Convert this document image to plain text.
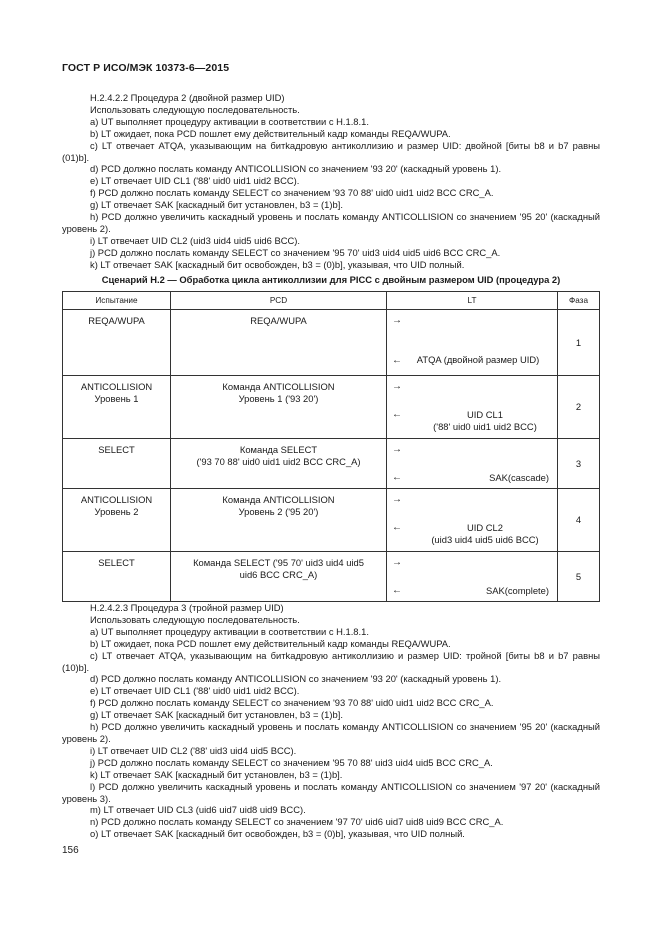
ГОСТ Р ИСО/МЭК 10373-6—2015

H.2.4.2.2 Процедура 2 (двойной размер UID)

Использовать следующую последовательность.

a) UT выполняет процедуру активации в соответствии с H.1.8.1.

b) LT ожидает, пока PCD пошлет ему действительный кадр команды REQA/WUPA.

c) LT отвечает ATQA, указывающим на битkадровую антиколлизию и размер UID: двойной [биты b8 и b7 равны (01)b].

d) PCD должно послать команду ANTICOLLISION со значением '93 20' (каскадный уровень 1).

e) LT отвечает UID CL1 ('88' uid0 uid1 uid2 BCC).

f) PCD должно послать команду SELECT со значением '93 70 88' uid0 uid1 uid2 BCC CRC_A.

g) LT отвечает SAK [каскадный бит установлен, b3 = (1)b].

h) PCD должно увеличить каскадный уровень и послать команду ANTICOLLISION со значением '95 20' (каскадный уровень 2).

i) LT отвечает UID CL2 (uid3 uid4 uid5 uid6 BCC).

j) PCD должно послать команду SELECT со значением '95 70' uid3 uid4 uid5 uid6 BCC CRC_A.

k) LT отвечает SAK [каскадный бит освобожден, b3 = (0)b], указывая, что UID полный.

Сценарий H.2 — Обработка цикла антиколлизии для PICC с двойным размером UID (процедура 2)
Испытание	PCD	LT	Фаза
REQA/WUPA	REQA/WUPA	→
← ATQA (двойной размер UID)	1
ANTICOLLISION
Уровень 1	Команда ANTICOLLISION
Уровень 1 ('93 20')	→
← UID CL1
('88' uid0 uid1 uid2 BCC)	2
SELECT	Команда SELECT
('93 70 88' uid0 uid1 uid2 BCC CRC_A)	→
← SAK(cascade)	3
ANTICOLLISION
Уровень 2	Команда ANTICOLLISION
Уровень 2 ('95 20')	→
← UID CL2
(uid3 uid4 uid5 uid6 BCC)	4
SELECT	Команда SELECT ('95 70' uid3 uid4 uid5
uid6 BCC CRC_A)	→
← SAK(complete)	5

H.2.4.2.3 Процедура 3 (тройной размер UID)

Использовать следующую последовательность.

a) UT выполняет процедуру активации в соответствии с H.1.8.1.

b) LT ожидает, пока PCD пошлет ему действительный кадр команды REQA/WUPA.

c) LT отвечает ATQA, указывающим на битkадровую антиколлизию и размер UID: тройной [биты b8 и b7 равны (10)b].

d) PCD должно послать команду ANTICOLLISION со значением '93 20' (каскадный уровень 1).

e) LT отвечает UID CL1 ('88' uid0 uid1 uid2 BCC).

f) PCD должно послать команду SELECT со значением '93 70 88' uid0 uid1 uid2 BCC CRC_A.

g) LT отвечает SAK [каскадный бит установлен, b3 = (1)b].

h) PCD должно увеличить каскадный уровень и послать команду ANTICOLLISION со значением '95 20' (каскадный уровень 2).

i) LT отвечает UID CL2 ('88' uid3 uid4 uid5 BCC).

j) PCD должно послать команду SELECT со значением '95 70 88' uid3 uid4 uid5 BCC CRC_A.

k) LT отвечает SAK [каскадный бит установлен, b3 = (1)b].

l) PCD должно увеличить каскадный уровень и послать команду ANTICOLLISION со значением '97 20' (каскадный уровень 3).

m) LT отвечает UID CL3 (uid6 uid7 uid8 uid9 BCC).

n) PCD должно послать команду SELECT со значением '97 70' uid6 uid7 uid8 uid9 BCC CRC_A.

o) LT отвечает SAK [каскадный бит освобожден, b3 = (0)b], указывая, что UID полный.

156
